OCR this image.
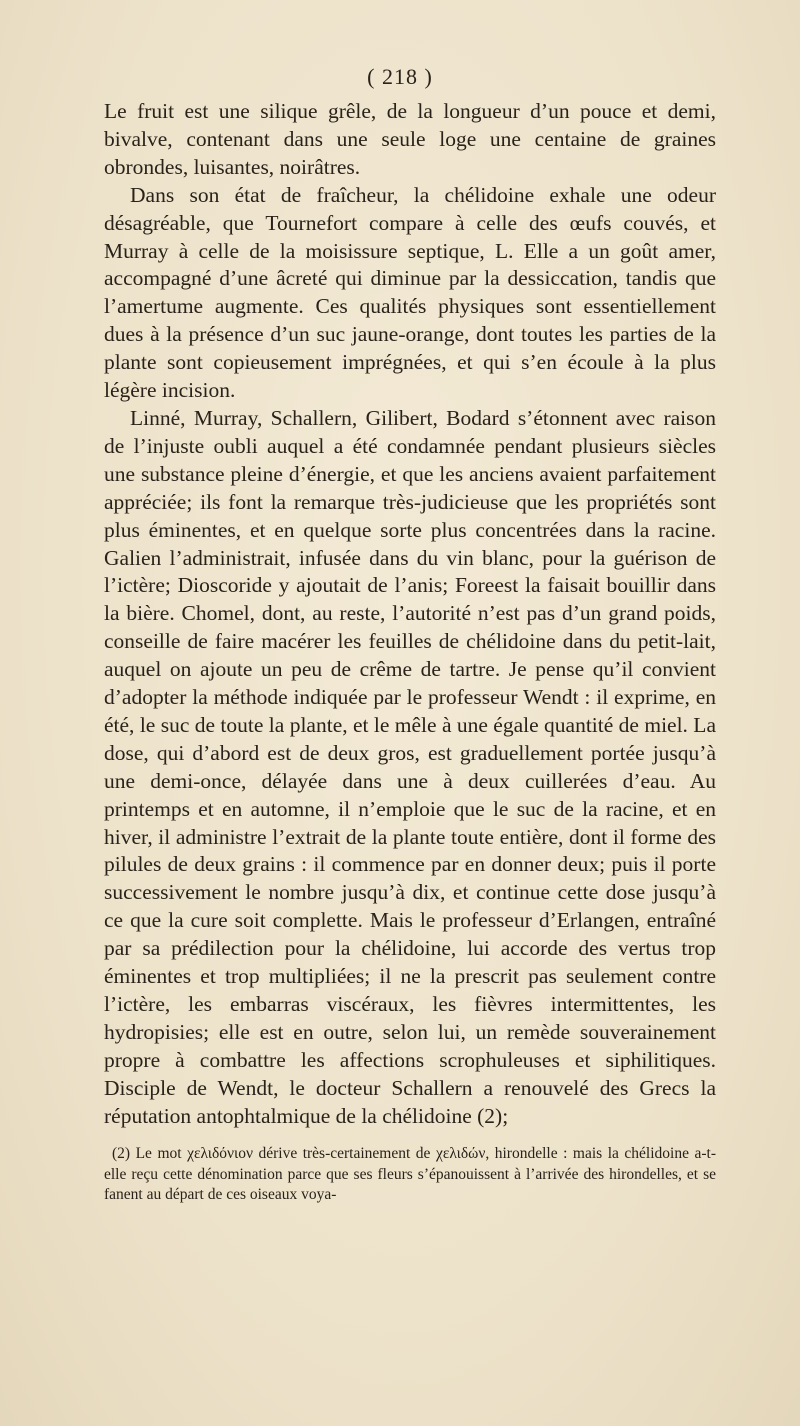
( 218 )

Le fruit est une silique grêle, de la longueur d’un pouce et demi, bivalve, contenant dans une seule loge une centaine de graines obrondes, luisantes, noirâtres.

Dans son état de fraîcheur, la chélidoine exhale une odeur désagréable, que Tournefort compare à celle des œufs couvés, et Murray à celle de la moisissure septique, L. Elle a un goût amer, accompagné d’une âcreté qui diminue par la dessiccation, tandis que l’amertume augmente. Ces qualités physiques sont essentiellement dues à la présence d’un suc jaune-orange, dont toutes les parties de la plante sont copieusement imprégnées, et qui s’en écoule à la plus légère incision.

Linné, Murray, Schallern, Gilibert, Bodard s’étonnent avec raison de l’injuste oubli auquel a été condamnée pendant plusieurs siècles une substance pleine d’énergie, et que les anciens avaient parfaitement appréciée; ils font la remarque très-judicieuse que les propriétés sont plus éminentes, et en quelque sorte plus concentrées dans la racine. Galien l’administrait, infusée dans du vin blanc, pour la guérison de l’ictère; Dioscoride y ajoutait de l’anis; Foreest la faisait bouillir dans la bière. Chomel, dont, au reste, l’autorité n’est pas d’un grand poids, conseille de faire macérer les feuilles de chélidoine dans du petit-lait, auquel on ajoute un peu de crême de tartre. Je pense qu’il convient d’adopter la méthode indiquée par le professeur Wendt : il exprime, en été, le suc de toute la plante, et le mêle à une égale quantité de miel. La dose, qui d’abord est de deux gros, est graduellement portée jusqu’à une demi-once, délayée dans une à deux cuillerées d’eau. Au printemps et en automne, il n’emploie que le suc de la racine, et en hiver, il administre l’extrait de la plante toute entière, dont il forme des pilules de deux grains : il commence par en donner deux; puis il porte successivement le nombre jusqu’à dix, et continue cette dose jusqu’à ce que la cure soit complette. Mais le professeur d’Erlangen, entraîné par sa prédilection pour la chélidoine, lui accorde des vertus trop éminentes et trop multipliées; il ne la prescrit pas seulement contre l’ictère, les embarras viscéraux, les fièvres intermittentes, les hydropisies; elle est en outre, selon lui, un remède souverainement propre à combattre les affections scrophuleuses et siphilitiques. Disciple de Wendt, le docteur Schallern a renouvelé des Grecs la réputation antophtalmique de la chélidoine (2);

(2) Le mot χελιδόνιον dérive très-certainement de χελιδών, hirondelle : mais la chélidoine a-t-elle reçu cette dénomination parce que ses fleurs s’épanouissent à l’arrivée des hirondelles, et se fanent au départ de ces oiseaux voya-
